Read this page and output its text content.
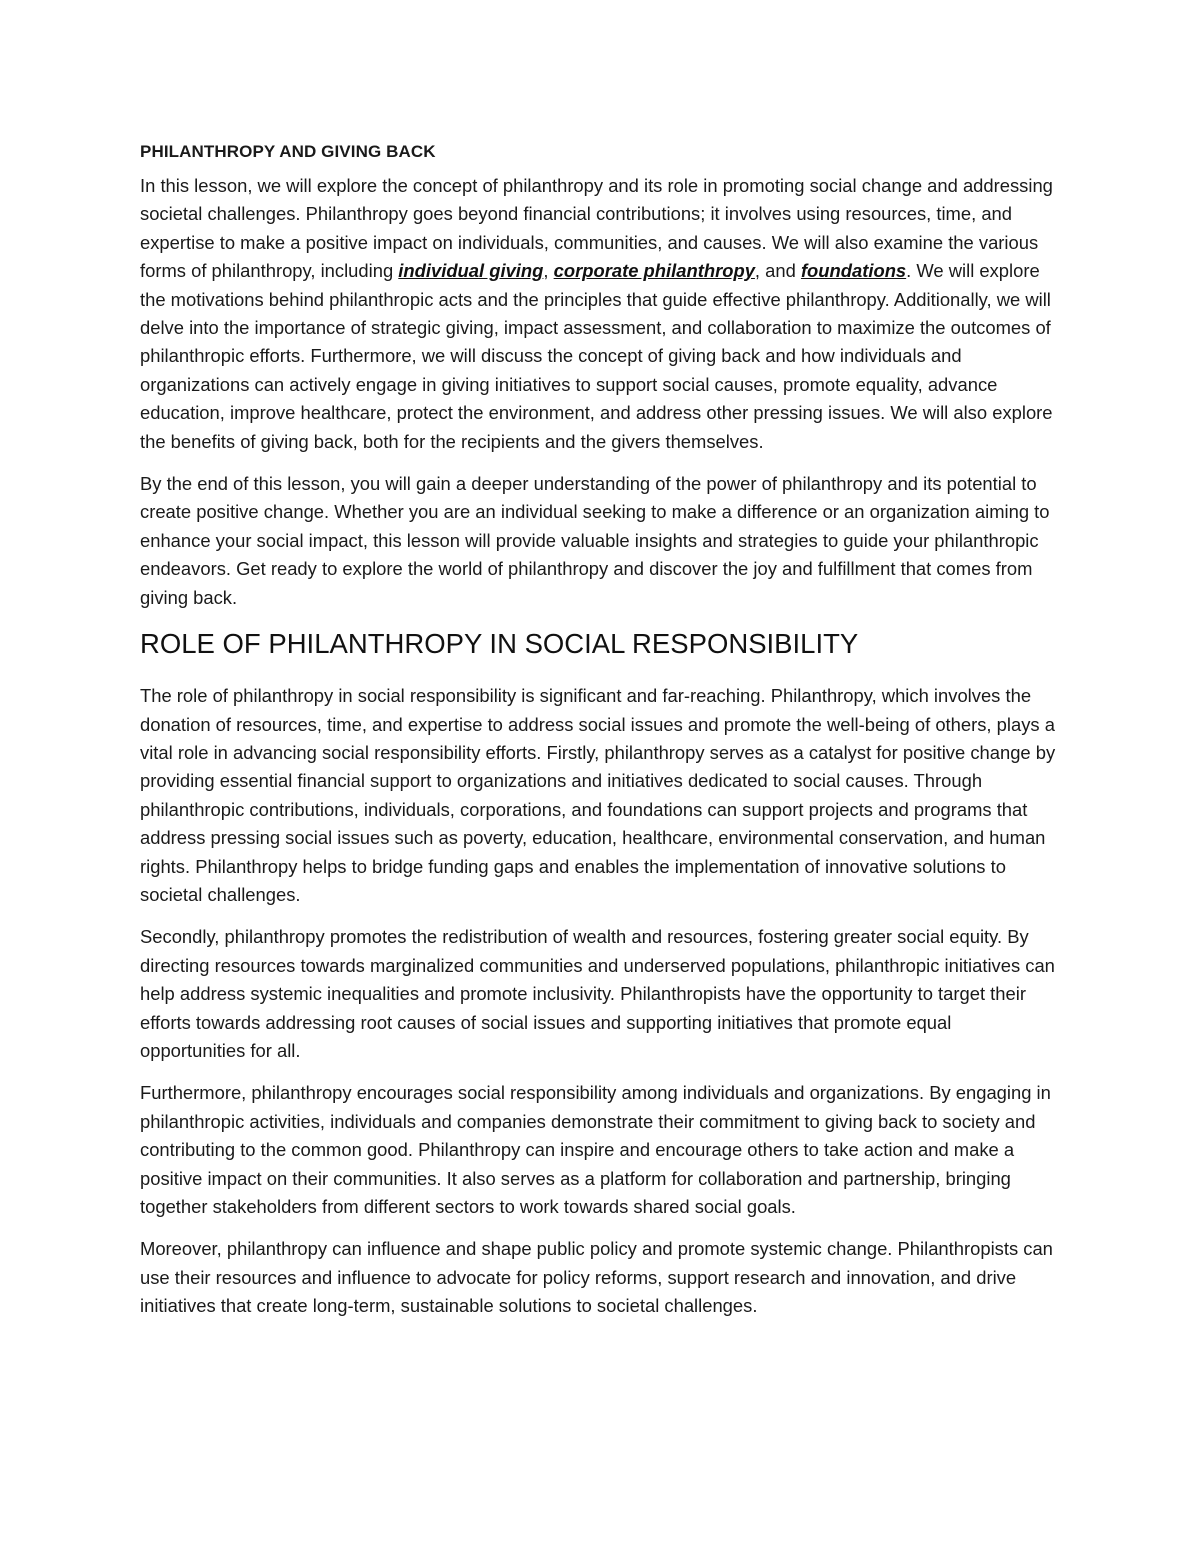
PHILANTHROPY AND GIVING BACK

In this lesson, we will explore the concept of philanthropy and its role in promoting social change and addressing societal challenges. Philanthropy goes beyond financial contributions; it involves using resources, time, and expertise to make a positive impact on individuals, communities, and causes. We will also examine the various forms of philanthropy, including individual giving, corporate philanthropy, and foundations. We will explore the motivations behind philanthropic acts and the principles that guide effective philanthropy. Additionally, we will delve into the importance of strategic giving, impact assessment, and collaboration to maximize the outcomes of philanthropic efforts. Furthermore, we will discuss the concept of giving back and how individuals and organizations can actively engage in giving initiatives to support social causes, promote equality, advance education, improve healthcare, protect the environment, and address other pressing issues. We will also explore the benefits of giving back, both for the recipients and the givers themselves.

By the end of this lesson, you will gain a deeper understanding of the power of philanthropy and its potential to create positive change. Whether you are an individual seeking to make a difference or an organization aiming to enhance your social impact, this lesson will provide valuable insights and strategies to guide your philanthropic endeavors. Get ready to explore the world of philanthropy and discover the joy and fulfillment that comes from giving back.

ROLE OF PHILANTHROPY IN SOCIAL RESPONSIBILITY

The role of philanthropy in social responsibility is significant and far-reaching. Philanthropy, which involves the donation of resources, time, and expertise to address social issues and promote the well-being of others, plays a vital role in advancing social responsibility efforts. Firstly, philanthropy serves as a catalyst for positive change by providing essential financial support to organizations and initiatives dedicated to social causes. Through philanthropic contributions, individuals, corporations, and foundations can support projects and programs that address pressing social issues such as poverty, education, healthcare, environmental conservation, and human rights. Philanthropy helps to bridge funding gaps and enables the implementation of innovative solutions to societal challenges.

Secondly, philanthropy promotes the redistribution of wealth and resources, fostering greater social equity. By directing resources towards marginalized communities and underserved populations, philanthropic initiatives can help address systemic inequalities and promote inclusivity. Philanthropists have the opportunity to target their efforts towards addressing root causes of social issues and supporting initiatives that promote equal opportunities for all.

Furthermore, philanthropy encourages social responsibility among individuals and organizations. By engaging in philanthropic activities, individuals and companies demonstrate their commitment to giving back to society and contributing to the common good. Philanthropy can inspire and encourage others to take action and make a positive impact on their communities. It also serves as a platform for collaboration and partnership, bringing together stakeholders from different sectors to work towards shared social goals.

Moreover, philanthropy can influence and shape public policy and promote systemic change. Philanthropists can use their resources and influence to advocate for policy reforms, support research and innovation, and drive initiatives that create long-term, sustainable solutions to societal challenges.
